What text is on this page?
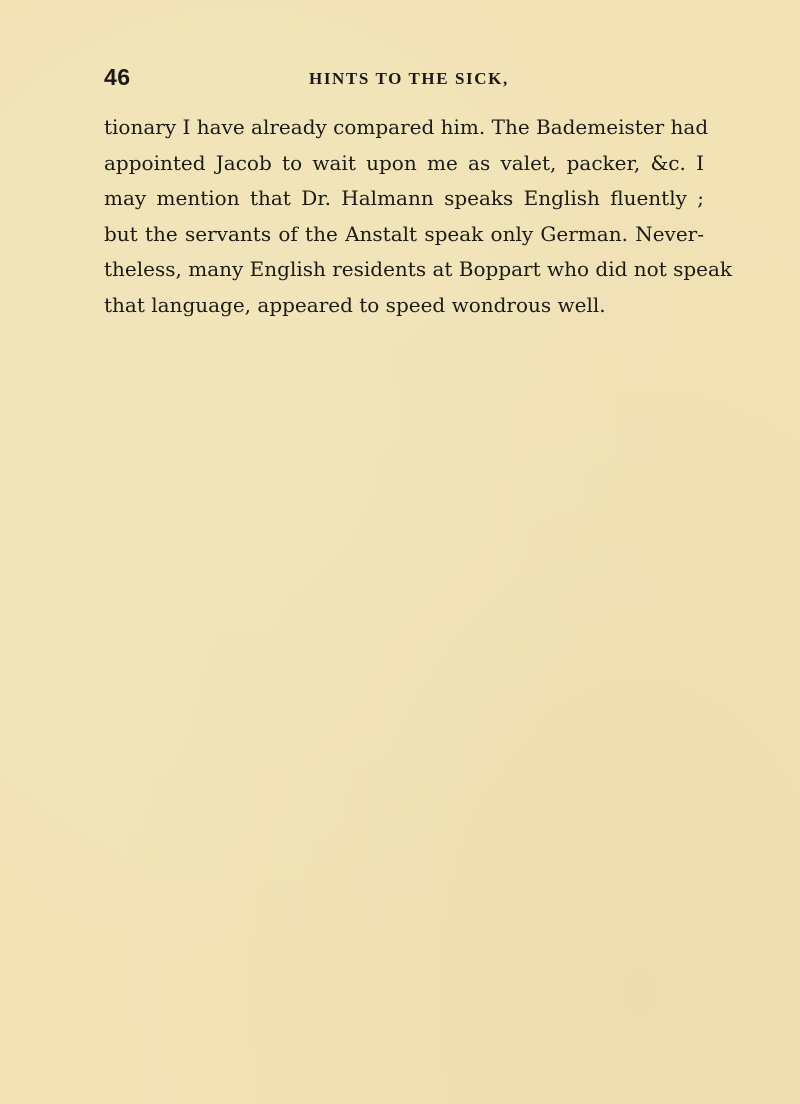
46	HINTS TO THE SICK,
tionary I have already compared him. The Bademeister had
appointed Jacob to wait upon me as valet, packer, &c. I
may mention that Dr. Halmann speaks English fluently ;
but the servants of the Anstalt speak only German. Never-
theless, many English residents at Boppart who did not speak
that language, appeared to speed wondrous well.
